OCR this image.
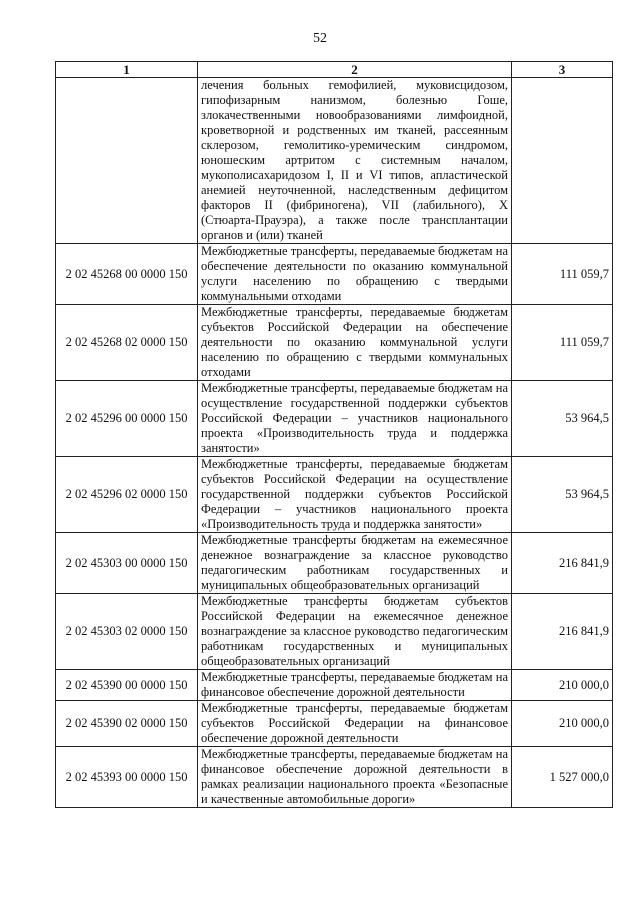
52
1	2	3
	лечения больных гемофилией, муковисцидозом, гипофизарным нанизмом, болезнью Гоше, злокачественными новообразованиями лимфоидной, кроветворной и родственных им тканей, рассеянным склерозом, гемолитико-уремическим синдромом, юношеским артритом с системным началом, мукополисахаридозом I, II и VI типов, апластической анемией неуточненной, наследственным дефицитом факторов II (фибриногена), VII (лабильного), X (Стюарта-Прауэра), а также после трансплантации органов и (или) тканей	
2 02 45268 00 0000 150	Межбюджетные трансферты, передаваемые бюджетам на обеспечение деятельности по оказанию коммунальной услуги населению по обращению с твердыми коммунальными отходами	111 059,7
2 02 45268 02 0000 150	Межбюджетные трансферты, передаваемые бюджетам субъектов Российской Федерации на обеспечение деятельности по оказанию коммунальной услуги населению по обращению с твердыми коммунальных отходами	111 059,7
2 02 45296 00 0000 150	Межбюджетные трансферты, передаваемые бюджетам на осуществление государственной поддержки субъектов Российской Федерации – участников национального проекта «Производительность труда и поддержка занятости»	53 964,5
2 02 45296 02 0000 150	Межбюджетные трансферты, передаваемые бюджетам субъектов Российской Федерации на осуществление государственной поддержки субъектов Российской Федерации – участников национального проекта «Производительность труда и поддержка занятости»	53 964,5
2 02 45303 00 0000 150	Межбюджетные трансферты бюджетам на ежемесячное денежное вознаграждение за классное руководство педагогическим работникам государственных и муниципальных общеобразовательных организаций	216 841,9
2 02 45303 02 0000 150	Межбюджетные трансферты бюджетам субъектов Российской Федерации на ежемесячное денежное вознаграждение за классное руководство педагогическим работникам государственных и муниципальных общеобразовательных организаций	216 841,9
2 02 45390 00 0000 150	Межбюджетные трансферты, передаваемые бюджетам на финансовое обеспечение дорожной деятельности	210 000,0
2 02 45390 02 0000 150	Межбюджетные трансферты, передаваемые бюджетам субъектов Российской Федерации на финансовое обеспечение дорожной деятельности	210 000,0
2 02 45393 00 0000 150	Межбюджетные трансферты, передаваемые бюджетам на финансовое обеспечение дорожной деятельности в рамках реализации национального проекта «Безопасные и качественные автомобильные дороги»	1 527 000,0
